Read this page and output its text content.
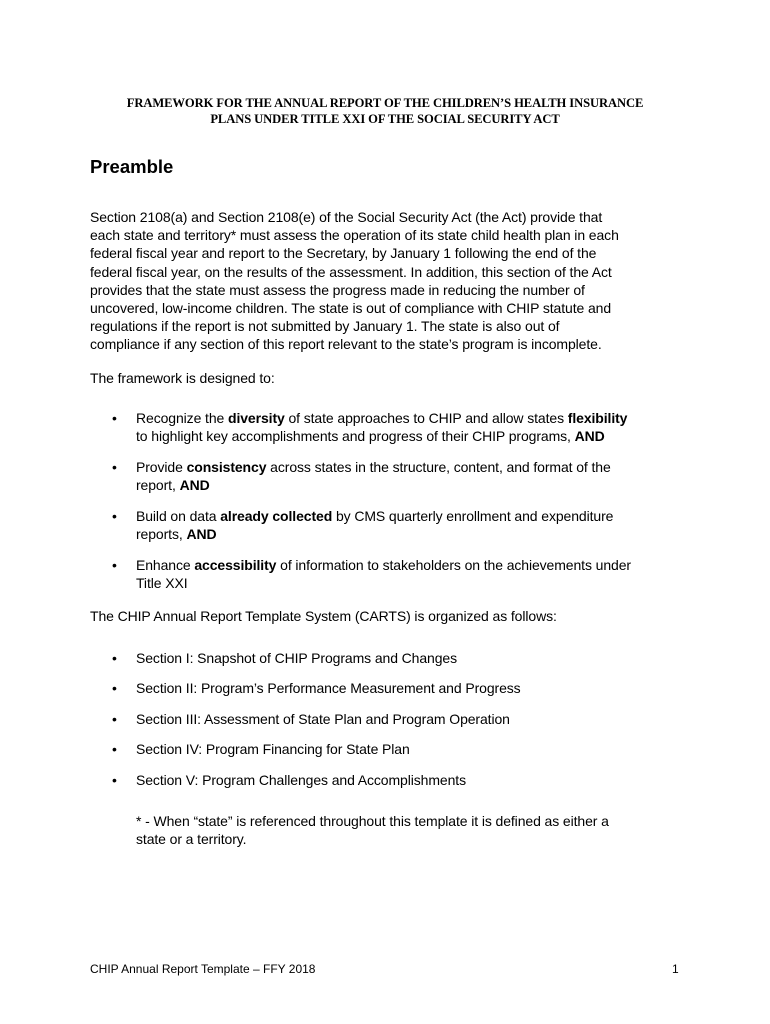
FRAMEWORK FOR THE ANNUAL REPORT OF THE CHILDREN’S HEALTH INSURANCE
PLANS UNDER TITLE XXI OF THE SOCIAL SECURITY ACT
Preamble
Section 2108(a) and Section 2108(e) of the Social Security Act (the Act) provide that
each state and territory* must assess the operation of its state child health plan in each
federal fiscal year and report to the Secretary, by January 1 following the end of the
federal fiscal year, on the results of the assessment. In addition, this section of the Act
provides that the state must assess the progress made in reducing the number of
uncovered, low-income children. The state is out of compliance with CHIP statute and
regulations if the report is not submitted by January 1. The state is also out of
compliance if any section of this report relevant to the state’s program is incomplete.
The framework is designed to:
• Recognize the diversity of state approaches to CHIP and allow states flexibility
to highlight key accomplishments and progress of their CHIP programs, AND
• Provide consistency across states in the structure, content, and format of the
report, AND
• Build on data already collected by CMS quarterly enrollment and expenditure
reports, AND
• Enhance accessibility of information to stakeholders on the achievements under
Title XXI
The CHIP Annual Report Template System (CARTS) is organized as follows:
• Section I: Snapshot of CHIP Programs and Changes
• Section II: Program’s Performance Measurement and Progress
• Section III: Assessment of State Plan and Program Operation
• Section IV: Program Financing for State Plan
• Section V: Program Challenges and Accomplishments
* - When “state” is referenced throughout this template it is defined as either a
state or a territory.
CHIP Annual Report Template – FFY 2018	1
